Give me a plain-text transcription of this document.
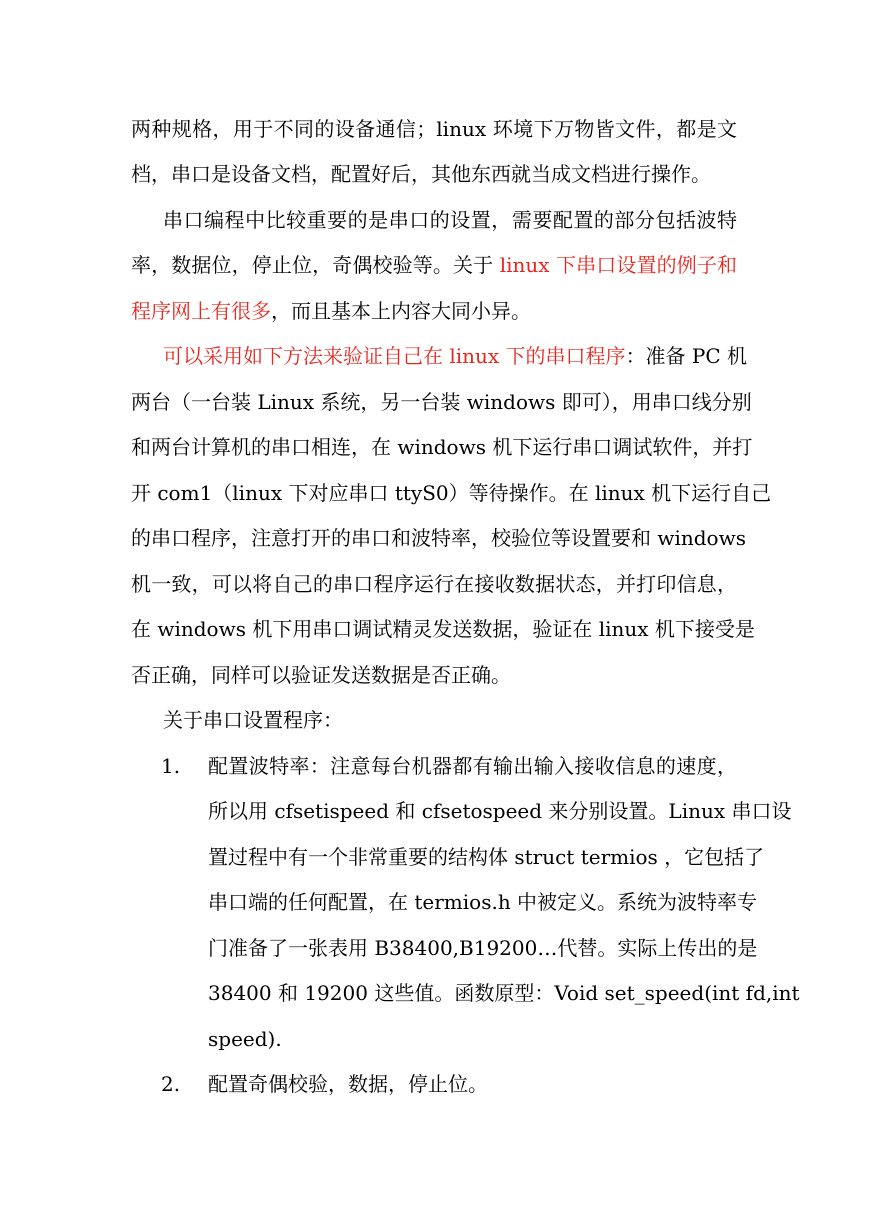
两种规格，用于不同的设备通信；linux 环境下万物皆文件，都是文
档，串口是设备文档，配置好后，其他东西就当成文档进行操作。
串口编程中比较重要的是串口的设置，需要配置的部分包括波特
率，数据位，停止位，奇偶校验等。关于 linux 下串口设置的例子和
程序网上有很多，而且基本上内容大同小异。
可以采用如下方法来验证自己在 linux 下的串口程序：准备 PC 机
两台（一台装 Linux 系统，另一台装 windows 即可），用串口线分别
和两台计算机的串口相连，在 windows 机下运行串口调试软件，并打
开 com1（linux 下对应串口 ttyS0）等待操作。在 linux 机下运行自己
的串口程序，注意打开的串口和波特率，校验位等设置要和 windows
机一致，可以将自己的串口程序运行在接收数据状态，并打印信息，
在 windows 机下用串口调试精灵发送数据，验证在 linux 机下接受是
否正确，同样可以验证发送数据是否正确。
关于串口设置程序：
1. 配置波特率：注意每台机器都有输出输入接收信息的速度，
所以用 cfsetispeed 和 cfsetospeed 来分别设置。Linux 串口设
置过程中有一个非常重要的结构体 struct termios ，它包括了
串口端的任何配置，在 termios.h 中被定义。系统为波特率专
门准备了一张表用 B38400,B19200…代替。实际上传出的是
38400 和 19200 这些值。函数原型：Void set_speed(int fd,int
speed).
2. 配置奇偶校验，数据，停止位。
